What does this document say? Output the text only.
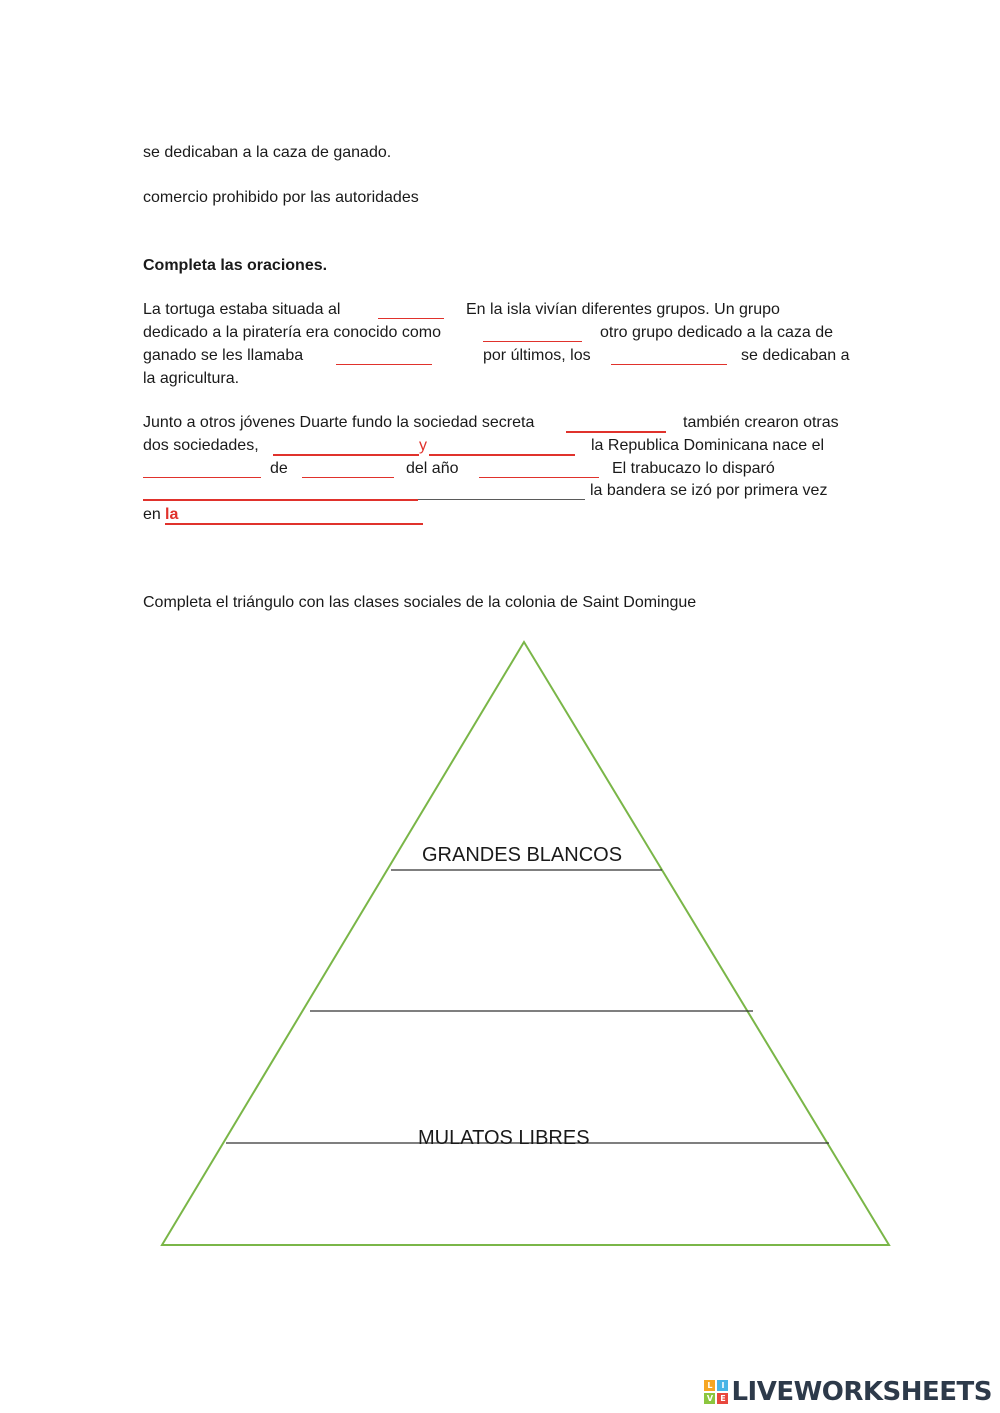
se dedicaban a la caza de ganado.
comercio prohibido por las autoridades
Completa las oraciones.
La tortuga estaba situada al	En la isla vivían diferentes grupos. Un grupo
dedicado a la piratería era conocido como	otro grupo dedicado a la caza de
ganado se les llamaba	por últimos, los	se dedicaban a
la agricultura.
Junto a otros jóvenes Duarte fundo la sociedad secreta	también crearon otras
dos sociedades,	y	la Republica Dominicana nace el
de	del año	El trabucazo lo disparó
la bandera se izó por primera vez
en la
Completa el triángulo con las clases sociales de la colonia de Saint Domingue
GRANDES BLANCOS
MULATOS LIBRES
L	I
V E LIVEWORKSHEETS
